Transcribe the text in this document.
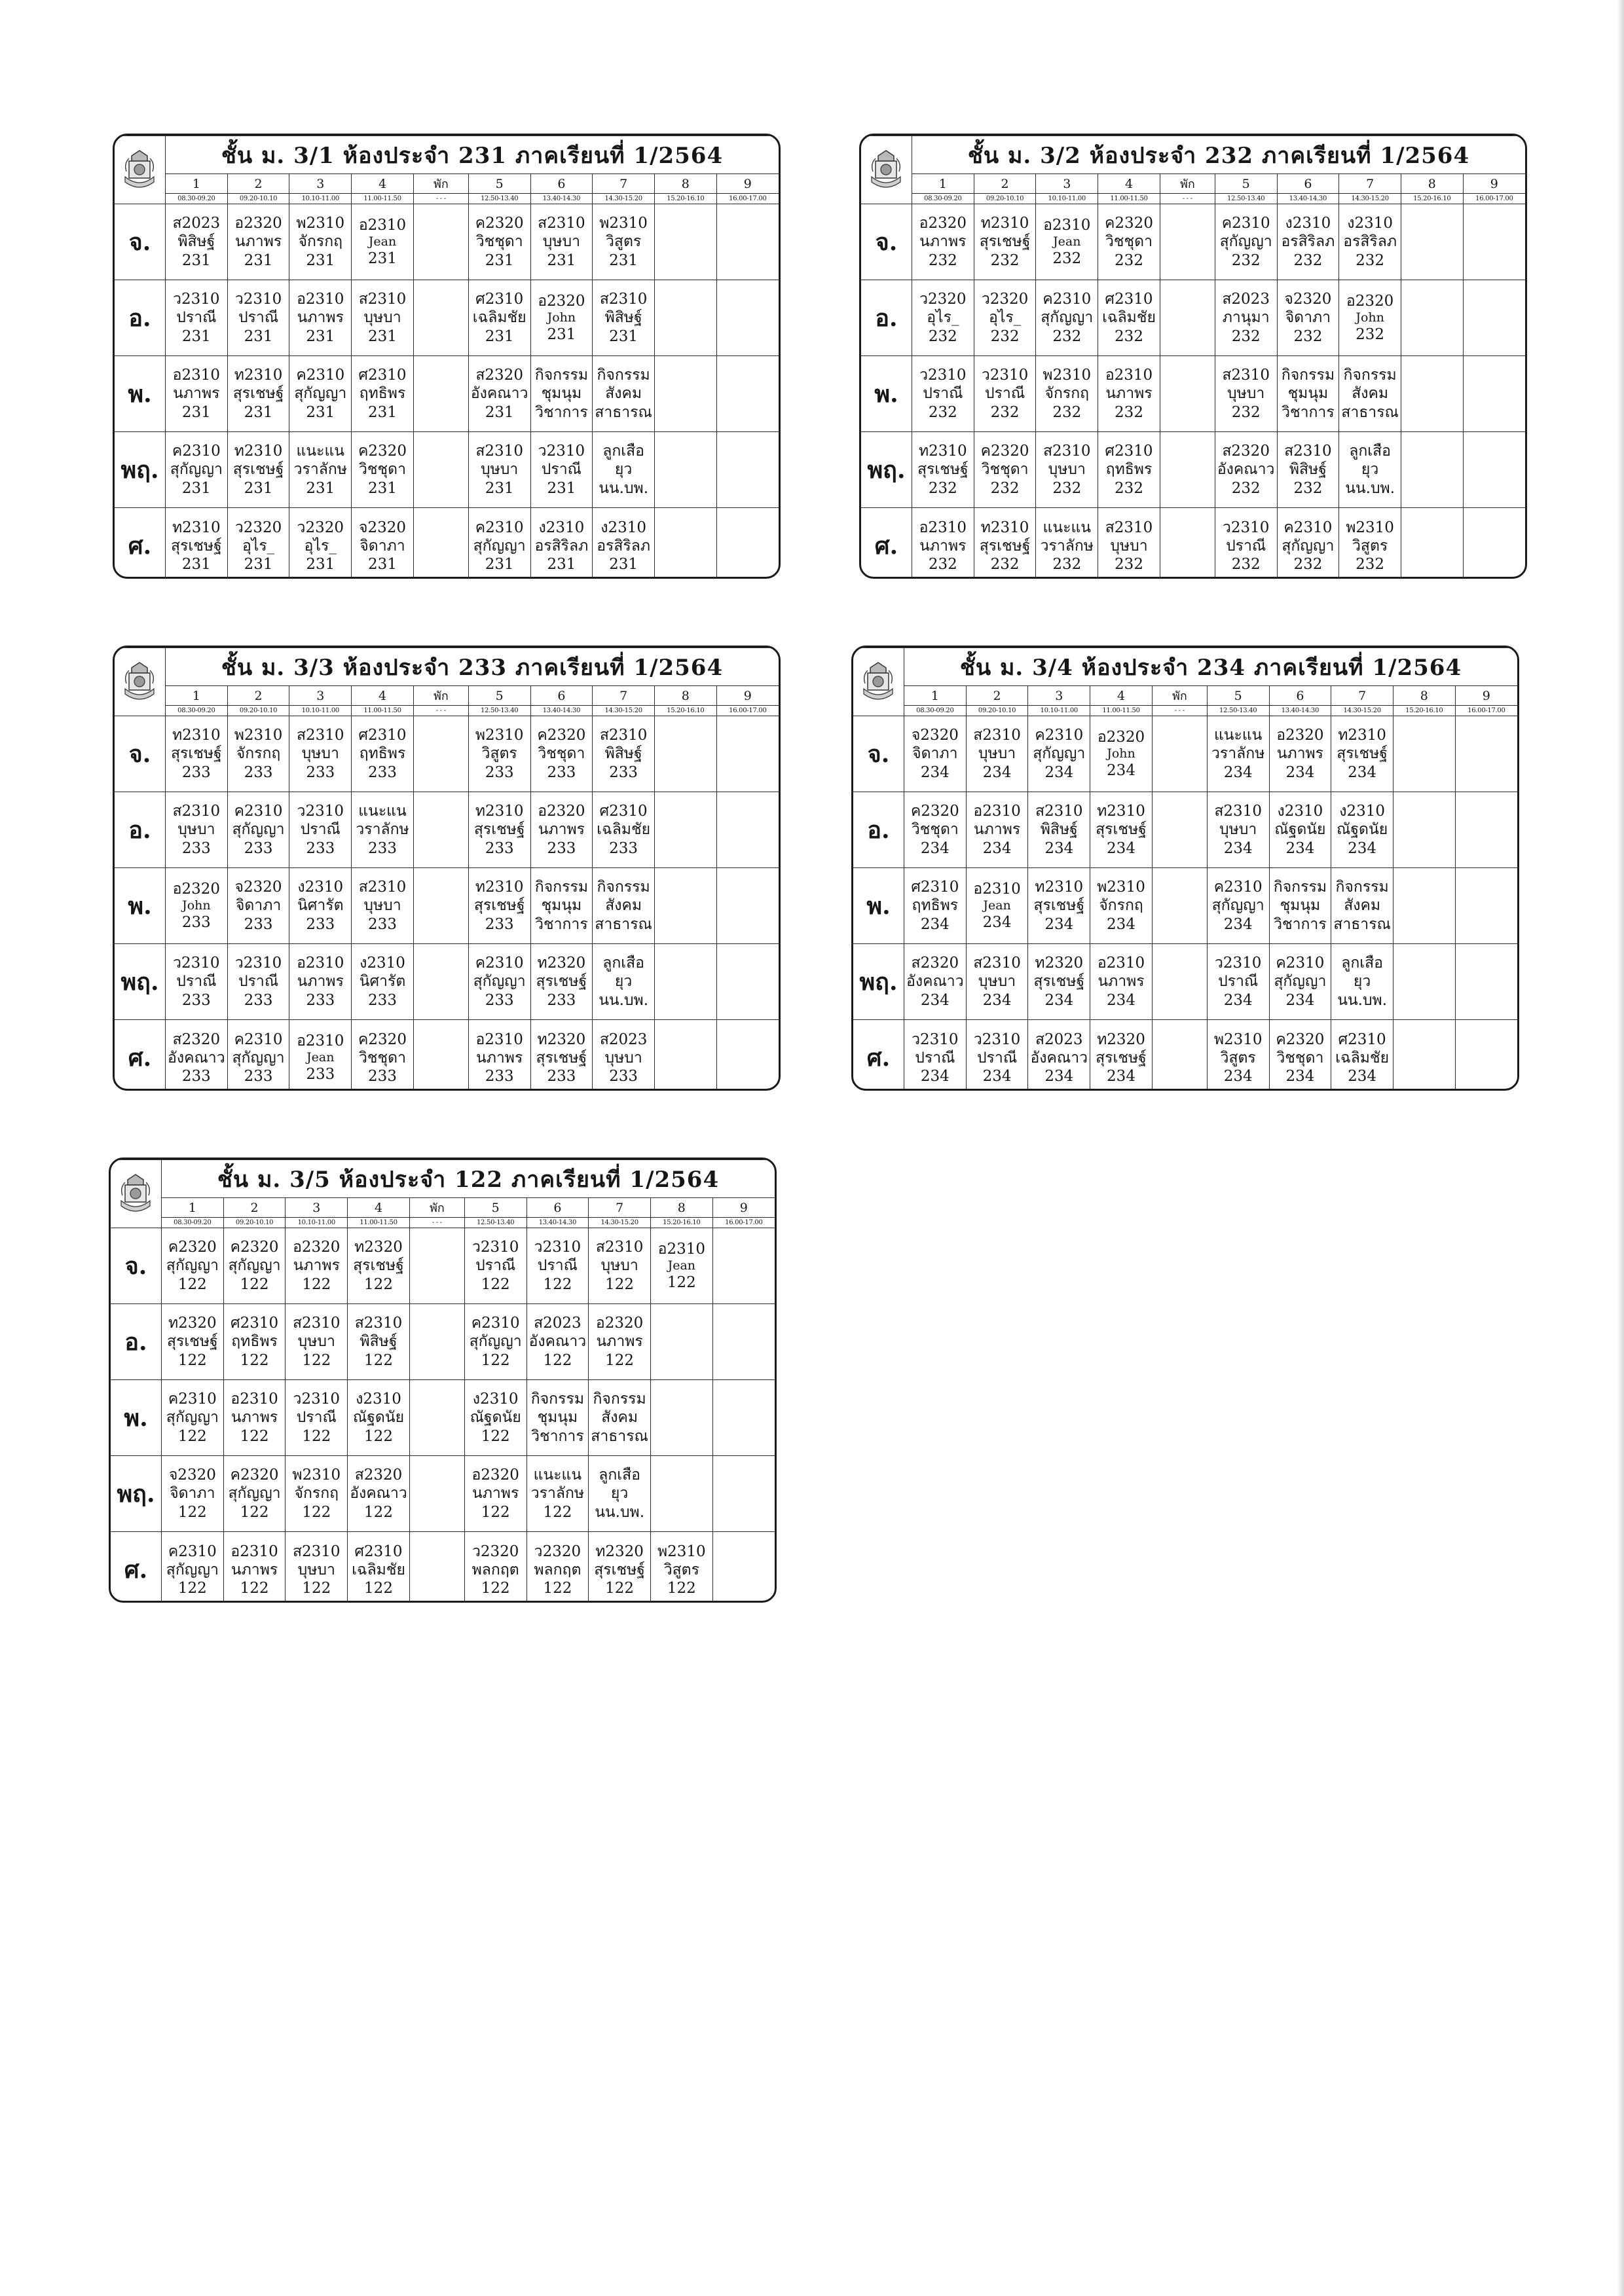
	ชั้น ม. 3/1 ห้องประจำ 231 ภาคเรียนที่ 1/2564									
	1	2	3	4	พัก	5	6	7	8	9
	08.30-09.20	09.20-10.10	10.10-11.00	11.00-11.50	- - -	12.50-13.40	13.40-14.30	14.30-15.20	15.20-16.10	16.00-17.00
จ.	ส2023
พิสิษฐ์
231	อ2320
นภาพร
231	พ2310
จักรกฤ
231	อ2310
Jean
231		ค2320
วิชชุดา
231	ส2310
บุษบา
231	พ2310
วิสูตร
231		

อ.	ว2310
ปราณี
231	ว2310
ปราณี
231	อ2310
นภาพร
231	ส2310
บุษบา
231		ศ2310
เฉลิมชัย
231	อ2320
John
231	ส2310
พิสิษฐ์
231		

พ.	อ2310
นภาพร
231	ท2310
สุรเชษฐ์
231	ค2310
สุกัญญา
231	ศ2310
ฤทธิพร
231		ส2320
อังคณาว
231	กิจกรรม
ชุมนุม
วิชาการ	กิจกรรม
สังคม
สาธารณ		

พฤ.	ค2310
สุกัญญา
231	ท2310
สุรเชษฐ์
231	แนะแน
วราลักษ
231	ค2320
วิชชุดา
231		ส2310
บุษบา
231	ว2310
ปราณี
231	ลูกเสือ
ยุว
นน.บพ.		

ศ.	ท2310
สุรเชษฐ์
231	ว2320
อุไร_
231	ว2320
อุไร_
231	จ2320
จิดาภา
231		ค2310
สุกัญญา
231	ง2310
อรสิริลภ
231	ง2310
อรสิริลภ
231		

	ชั้น ม. 3/2 ห้องประจำ 232 ภาคเรียนที่ 1/2564									
	1	2	3	4	พัก	5	6	7	8	9
	08.30-09.20	09.20-10.10	10.10-11.00	11.00-11.50	- - -	12.50-13.40	13.40-14.30	14.30-15.20	15.20-16.10	16.00-17.00
จ.	อ2320
นภาพร
232	ท2310
สุรเชษฐ์
232	อ2310
Jean
232	ค2320
วิชชุดา
232		ค2310
สุกัญญา
232	ง2310
อรสิริลภ
232	ง2310
อรสิริลภ
232		

อ.	ว2320
อุไร_
232	ว2320
อุไร_
232	ค2310
สุกัญญา
232	ศ2310
เฉลิมชัย
232		ส2023
ภานุมา
232	จ2320
จิดาภา
232	อ2320
John
232		

พ.	ว2310
ปราณี
232	ว2310
ปราณี
232	พ2310
จักรกฤ
232	อ2310
นภาพร
232		ส2310
บุษบา
232	กิจกรรม
ชุมนุม
วิชาการ	กิจกรรม
สังคม
สาธารณ		

พฤ.	ท2310
สุรเชษฐ์
232	ค2320
วิชชุดา
232	ส2310
บุษบา
232	ศ2310
ฤทธิพร
232		ส2320
อังคณาว
232	ส2310
พิสิษฐ์
232	ลูกเสือ
ยุว
นน.บพ.		

ศ.	อ2310
นภาพร
232	ท2310
สุรเชษฐ์
232	แนะแน
วราลักษ
232	ส2310
บุษบา
232		ว2310
ปราณี
232	ค2310
สุกัญญา
232	พ2310
วิสูตร
232		

	ชั้น ม. 3/3 ห้องประจำ 233 ภาคเรียนที่ 1/2564									
	1	2	3	4	พัก	5	6	7	8	9
	08.30-09.20	09.20-10.10	10.10-11.00	11.00-11.50	- - -	12.50-13.40	13.40-14.30	14.30-15.20	15.20-16.10	16.00-17.00
จ.	ท2310
สุรเชษฐ์
233	พ2310
จักรกฤ
233	ส2310
บุษบา
233	ศ2310
ฤทธิพร
233		พ2310
วิสูตร
233	ค2320
วิชชุดา
233	ส2310
พิสิษฐ์
233		

อ.	ส2310
บุษบา
233	ค2310
สุกัญญา
233	ว2310
ปราณี
233	แนะแน
วราลักษ
233		ท2310
สุรเชษฐ์
233	อ2320
นภาพร
233	ศ2310
เฉลิมชัย
233		

พ.	อ2320
John
233	จ2320
จิดาภา
233	ง2310
นิศารัต
233	ส2310
บุษบา
233		ท2310
สุรเชษฐ์
233	กิจกรรม
ชุมนุม
วิชาการ	กิจกรรม
สังคม
สาธารณ		

พฤ.	ว2310
ปราณี
233	ว2310
ปราณี
233	อ2310
นภาพร
233	ง2310
นิศารัต
233		ค2310
สุกัญญา
233	ท2320
สุรเชษฐ์
233	ลูกเสือ
ยุว
นน.บพ.		

ศ.	ส2320
อังคณาว
233	ค2310
สุกัญญา
233	อ2310
Jean
233	ค2320
วิชชุดา
233		อ2310
นภาพร
233	ท2320
สุรเชษฐ์
233	ส2023
บุษบา
233		

	ชั้น ม. 3/4 ห้องประจำ 234 ภาคเรียนที่ 1/2564									
	1	2	3	4	พัก	5	6	7	8	9
	08.30-09.20	09.20-10.10	10.10-11.00	11.00-11.50	- - -	12.50-13.40	13.40-14.30	14.30-15.20	15.20-16.10	16.00-17.00
จ.	จ2320
จิดาภา
234	ส2310
บุษบา
234	ค2310
สุกัญญา
234	อ2320
John
234		แนะแน
วราลักษ
234	อ2320
นภาพร
234	ท2310
สุรเชษฐ์
234		

อ.	ค2320
วิชชุดา
234	อ2310
นภาพร
234	ส2310
พิสิษฐ์
234	ท2310
สุรเชษฐ์
234		ส2310
บุษบา
234	ง2310
ณัฐดนัย
234	ง2310
ณัฐดนัย
234		

พ.	ศ2310
ฤทธิพร
234	อ2310
Jean
234	ท2310
สุรเชษฐ์
234	พ2310
จักรกฤ
234		ค2310
สุกัญญา
234	กิจกรรม
ชุมนุม
วิชาการ	กิจกรรม
สังคม
สาธารณ		

พฤ.	ส2320
อังคณาว
234	ส2310
บุษบา
234	ท2320
สุรเชษฐ์
234	อ2310
นภาพร
234		ว2310
ปราณี
234	ค2310
สุกัญญา
234	ลูกเสือ
ยุว
นน.บพ.		

ศ.	ว2310
ปราณี
234	ว2310
ปราณี
234	ส2023
อังคณาว
234	ท2320
สุรเชษฐ์
234		พ2310
วิสูตร
234	ค2320
วิชชุดา
234	ศ2310
เฉลิมชัย
234		

	ชั้น ม. 3/5 ห้องประจำ 122 ภาคเรียนที่ 1/2564									
	1	2	3	4	พัก	5	6	7	8	9
	08.30-09.20	09.20-10.10	10.10-11.00	11.00-11.50	- - -	12.50-13.40	13.40-14.30	14.30-15.20	15.20-16.10	16.00-17.00
จ.	ค2320
สุกัญญา
122	ค2320
สุกัญญา
122	อ2320
นภาพร
122	ท2320
สุรเชษฐ์
122		ว2310
ปราณี
122	ว2310
ปราณี
122	ส2310
บุษบา
122	อ2310
Jean
122	

อ.	ท2320
สุรเชษฐ์
122	ศ2310
ฤทธิพร
122	ส2310
บุษบา
122	ส2310
พิสิษฐ์
122		ค2310
สุกัญญา
122	ส2023
อังคณาว
122	อ2320
นภาพร
122		

พ.	ค2310
สุกัญญา
122	อ2310
นภาพร
122	ว2310
ปราณี
122	ง2310
ณัฐดนัย
122		ง2310
ณัฐดนัย
122	กิจกรรม
ชุมนุม
วิชาการ	กิจกรรม
สังคม
สาธารณ		

พฤ.	จ2320
จิดาภา
122	ค2320
สุกัญญา
122	พ2310
จักรกฤ
122	ส2320
อังคณาว
122		อ2320
นภาพร
122	แนะแน
วราลักษ
122	ลูกเสือ
ยุว
นน.บพ.		

ศ.	ค2310
สุกัญญา
122	อ2310
นภาพร
122	ส2310
บุษบา
122	ศ2310
เฉลิมชัย
122		ว2320
พลกฤต
122	ว2320
พลกฤต
122	ท2320
สุรเชษฐ์
122	พ2310
วิสูตร
122	
